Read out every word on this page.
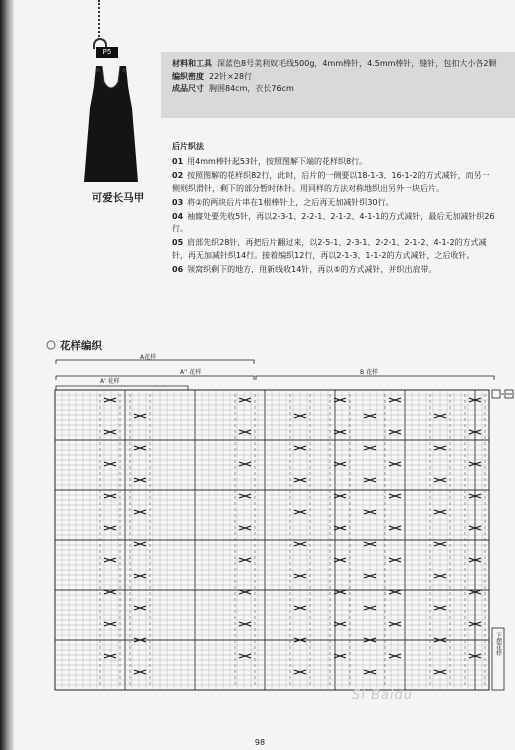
P5
可爱长马甲
材料和工具 深蓝色8号美利奴毛线500g，4mm棒针，4.5mm棒针，缝针，包扣大小各2颗
编织密度 22针×28行
成品尺寸 胸围84cm，衣长76cm
后片织法
01 用4mm棒针起53针，按照图解下端的花样织8行。
02 按照图解的花样织82行，此时，后片的一侧要以18-1-3、16-1-2的方式减针，而另一侧则织滑针，剩下的部分暂时休针。用同样的方法对称地织出另外一块后片。
03 将②的两块后片串在1根棒针上，之后再无加减针织30行。
04 袖窿处要先收5针，再以2-3-1、2-2-1、2-1-2、4-1-1的方式减针，最后无加减针织26行。
05 肩部先织28针，再把后片翻过来，以2-5-1、2-3-1、2-2-1、2-1-2、4-1-2的方式减针，再无加减针织14行。接着编织12行，再以2-1-3、1-1-2的方式减针，之后收针。
06 领窝织剩下的地方，用新线收14针，再以⑤的方式减针，并织出肩带。
花样编织
A花样
A'' 花样	B 花样
A' 花样
下摆花样
98
Si Baidu
